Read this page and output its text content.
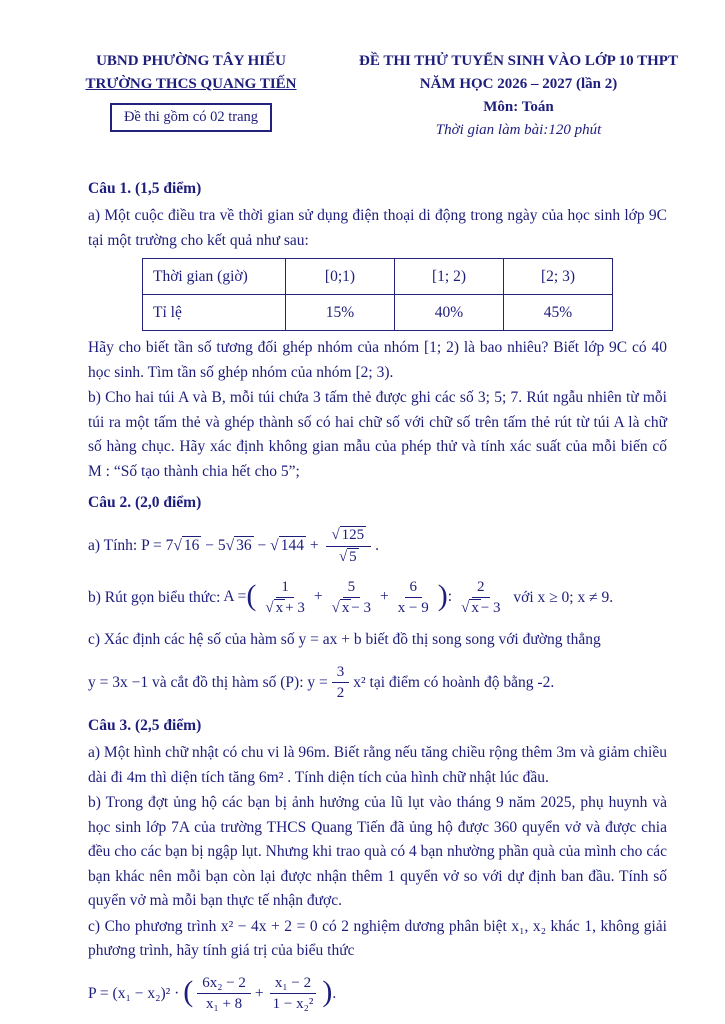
UBND PHƯỜNG TÂY HIẾU
TRƯỜNG THCS QUANG TIẾN
Đề thi gồm có 02 trang
ĐỀ THI THỬ TUYỂN SINH VÀO LỚP 10 THPT
NĂM HỌC 2026 – 2027 (lần 2)
Môn: Toán
Thời gian làm bài:120 phút
Câu 1. (1,5 điểm)

a) Một cuộc điều tra về thời gian sử dụng điện thoại di động trong ngày của học sinh lớp 9C tại một trường cho kết quả như sau:

Thời gian (giờ)	[0;1)	[1; 2)	[2; 3)
Tỉ lệ	15%	40%	45%

Hãy cho biết tần số tương đối ghép nhóm của nhóm [1; 2) là bao nhiêu? Biết lớp 9C có 40 học sinh. Tìm tần số ghép nhóm của nhóm [2; 3).

b) Cho hai túi A và B, mỗi túi chứa 3 tấm thẻ được ghi các số 3; 5; 7. Rút ngẫu nhiên từ mỗi túi ra một tấm thẻ và ghép thành số có hai chữ số với chữ số trên tấm thẻ rút từ túi A là chữ số hàng chục. Hãy xác định không gian mẫu của phép thử và tính xác suất của mỗi biến cố M : “Số tạo thành chia hết cho 5”;

Câu 2. (2,0 điểm)
a) Tính: P = 7 √ 16 − 5 √ 36 − √ 144 + √ 125
√ 5 .
b) Rút gọn biểu thức: A =( 1
√ x + 3 + 5
√ $x - 3 + \frac{6}{x - 9}$ ): 2
√ x − 3 với x ≥ 0; x ≠ 9.

c) Xác định các hệ số của hàm số y = ax + b biết đồ thị song song với đường thẳng

y = 3x −1 và cắt đồ thị hàm số (P): $y = \frac{3}{2} x^2$ tại điểm có hoành độ bằng -2.
Câu 3. (2,5 điểm)

a) Một hình chữ nhật có chu vi là 96m. Biết rằng nếu tăng chiều rộng thêm 3m và giảm chiều dài đi 4m thì diện tích tăng 6m² . Tính diện tích của hình chữ nhật lúc đầu.

b) Trong đợt ủng hộ các bạn bị ảnh hưởng của lũ lụt vào tháng 9 năm 2025, phụ huynh và học sinh lớp 7A của trường THCS Quang Tiến đã ủng hộ được 360 quyển vở và được chia đều cho các bạn bị ngập lụt. Nhưng khi trao quà có 4 bạn nhường phần quà của mình cho các bạn khác nên mỗi bạn còn lại được nhận thêm 1 quyển vở so với dự định ban đầu. Tính số quyển vở mà mỗi bạn thực tế nhận được.

c) Cho phương trình x² − 4x + 2 = 0 có 2 nghiệm dương phân biệt x₁, x₂ khác 1, không giải phương trình, hãy tính giá trị của biểu thức

P = (x₁ − x₂)² · ( $\frac{\text{6x₂ − 2}}{\text{x₁ + 8}} + \frac{\text{x₁ − 2}}{\text{1 − x₂²}}$ ).
